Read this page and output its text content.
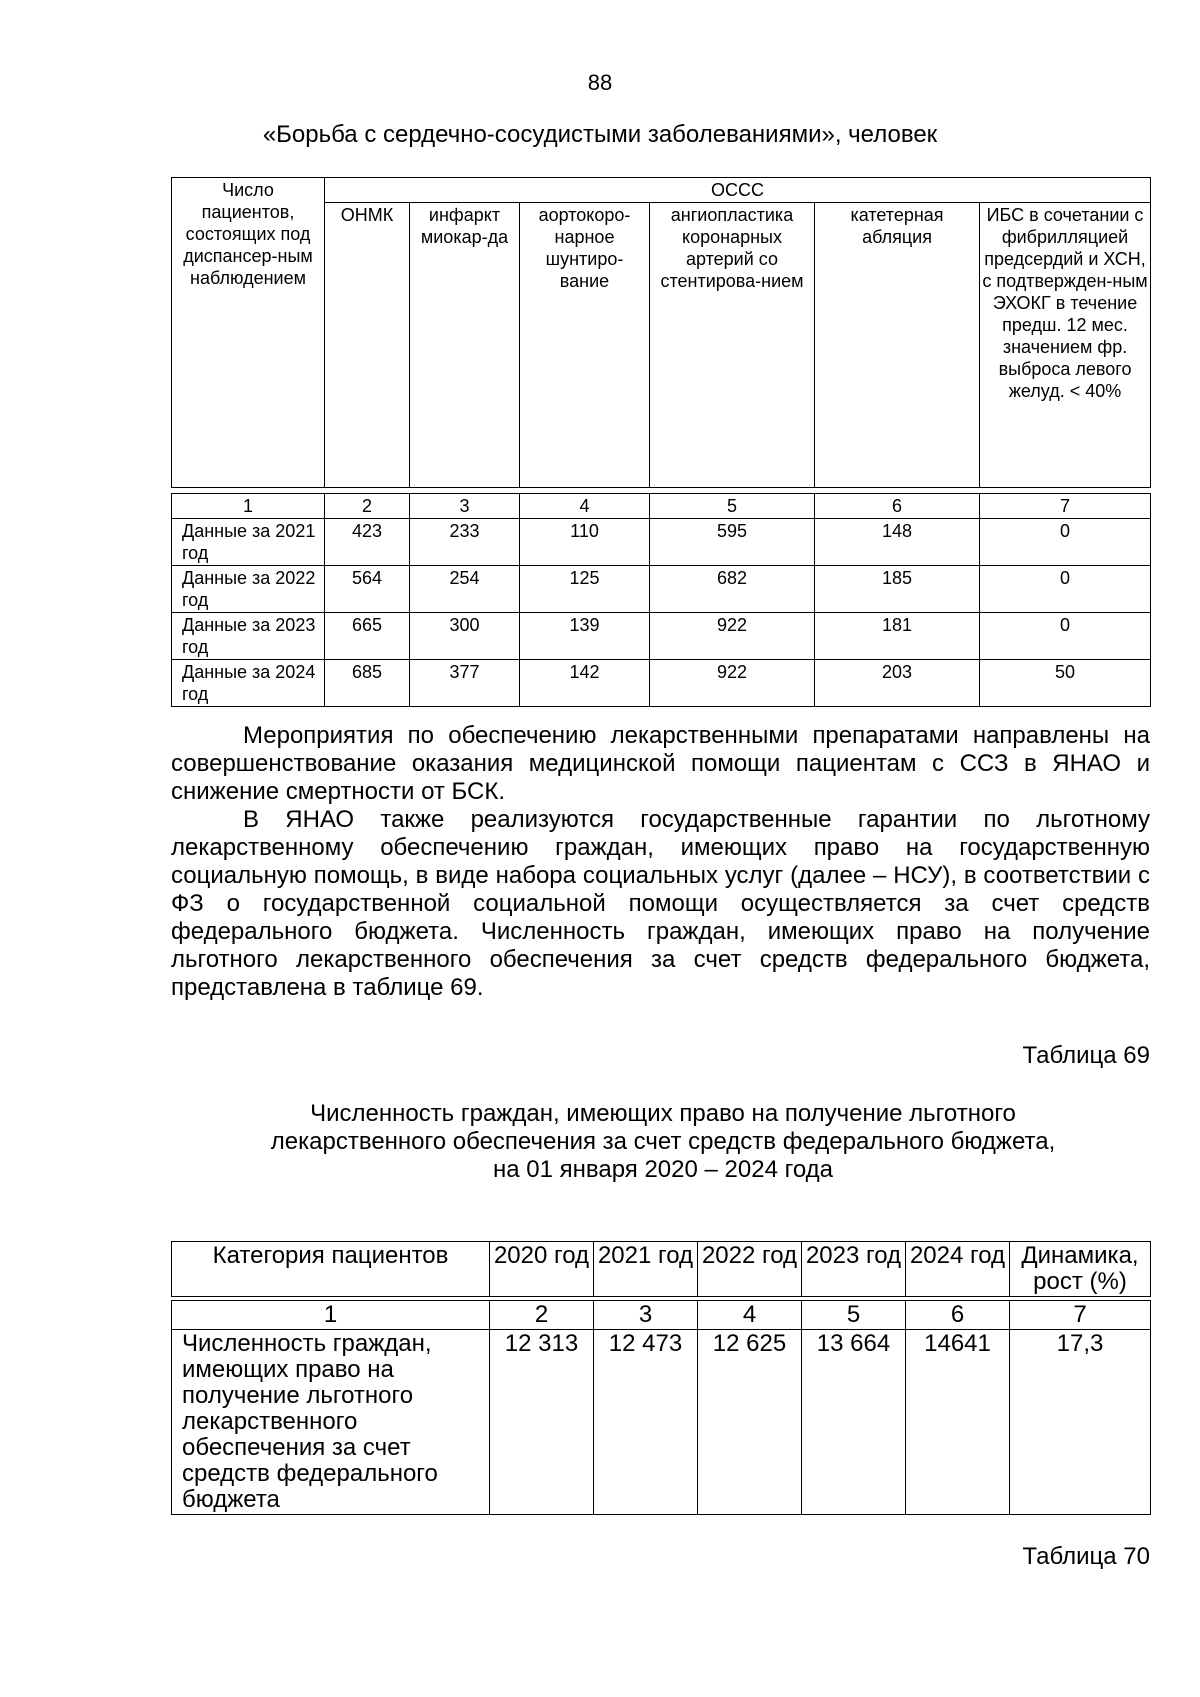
88
«Борьба с сердечно-сосудистыми заболеваниями», человек
Число пациентов, состоящих под диспансер-ным наблюдением	ОССС					
	ОНМК	инфаркт миокар-да	аортокоро-нарное шунтиро-вание	ангиопластика коронарных артерий со стентирова-нием	катетерная абляция	ИБС в сочетании с фибрилляцией предсердий и ХСН, с подтвержден-ным ЭХОКГ в течение предш. 12 мес. значением фр. выброса левого желуд. < 40%

1	2	3	4	5	6	7
Данные за 2021 год	423	233	110	595	148	0
Данные за 2022 год	564	254	125	682	185	0
Данные за 2023 год	665	300	139	922	181	0
Данные за 2024 год	685	377	142	922	203	50
Мероприятия по обеспечению лекарственными препаратами направлены на совершенствование оказания медицинской помощи пациентам с ССЗ в ЯНАО и снижение смертности от БСК.
В ЯНАО также реализуются государственные гарантии по льготному лекарственному обеспечению граждан, имеющих право на государственную социальную помощь, в виде набора социальных услуг (далее – НСУ), в соответствии с ФЗ о государственной социальной помощи осуществляется за счет средств федерального бюджета. Численность граждан, имеющих право на получение льготного лекарственного обеспечения за счет средств федерального бюджета, представлена в таблице 69.
Таблица 69
Численность граждан, имеющих право на получение льготного
лекарственного обеспечения за счет средств федерального бюджета,
на 01 января 2020 – 2024 года
Категория пациентов	2020 год	2021 год	2022 год	2023 год	2024 год	Динамика, рост (%)

1	2	3	4	5	6	7
Численность граждан, имеющих право на получение льготного лекарственного обеспечения за счет средств федерального бюджета	12 313	12 473	12 625	13 664	14641	17,3
Таблица 70
